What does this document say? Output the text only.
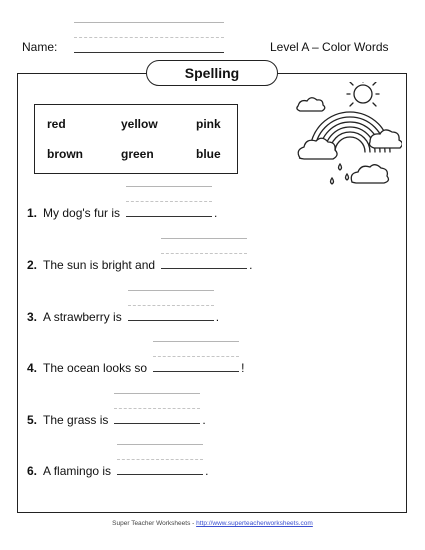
Name:	Level A – Color Words
Spelling
red	yellow	pink
brown	green	blue
1. My dog's fur is	.
2. The sun is bright and	.
3. A strawberry is	.
4. The ocean looks so	!
5. The grass is	.
6. A flamingo is	.
Super Teacher Worksheets - http://www.superteacherworksheets.com
